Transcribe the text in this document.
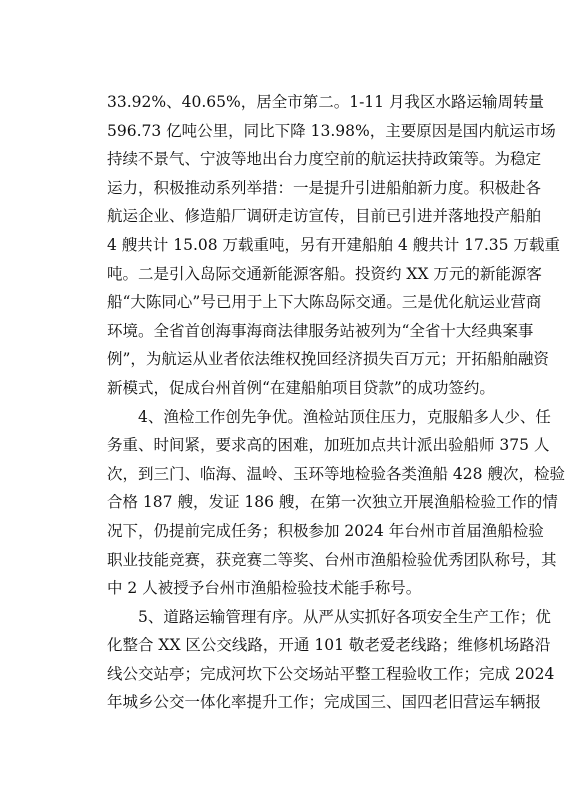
33.92%、40.65%，居全市第二。1-11 月我区水路运输周转量
596.73 亿吨公里，同比下降 13.98%，主要原因是国内航运市场
持续不景气、宁波等地出台力度空前的航运扶持政策等。为稳定
运力，积极推动系列举措：一是提升引进船舶新力度。积极赴各
航运企业、修造船厂调研走访宣传，目前已引进并落地投产船舶
4 艘共计 15.08 万载重吨，另有开建船舶 4 艘共计 17.35 万载重
吨。二是引入岛际交通新能源客船。投资约 XX 万元的新能源客
船“大陈同心”号已用于上下大陈岛际交通。三是优化航运业营商
环境。全省首创海事海商法律服务站被列为“全省十大经典案事
例”，为航运从业者依法维权挽回经济损失百万元；开拓船舶融资
新模式，促成台州首例“在建船舶项目贷款”的成功签约。
　　4、渔检工作创先争优。渔检站顶住压力，克服船多人少、任
务重、时间紧，要求高的困难，加班加点共计派出验船师 375 人
次，到三门、临海、温岭、玉环等地检验各类渔船 428 艘次，检验
合格 187 艘，发证 186 艘，在第一次独立开展渔船检验工作的情
况下，仍提前完成任务；积极参加 2024 年台州市首届渔船检验
职业技能竞赛，获竞赛二等奖、台州市渔船检验优秀团队称号，其
中 2 人被授予台州市渔船检验技术能手称号。
　　5、道路运输管理有序。从严从实抓好各项安全生产工作；优
化整合 XX 区公交线路，开通 101 敬老爱老线路；维修机场路沿
线公交站亭；完成河坎下公交场站平整工程验收工作；完成 2024
年城乡公交一体化率提升工作；完成国三、国四老旧营运车辆报
